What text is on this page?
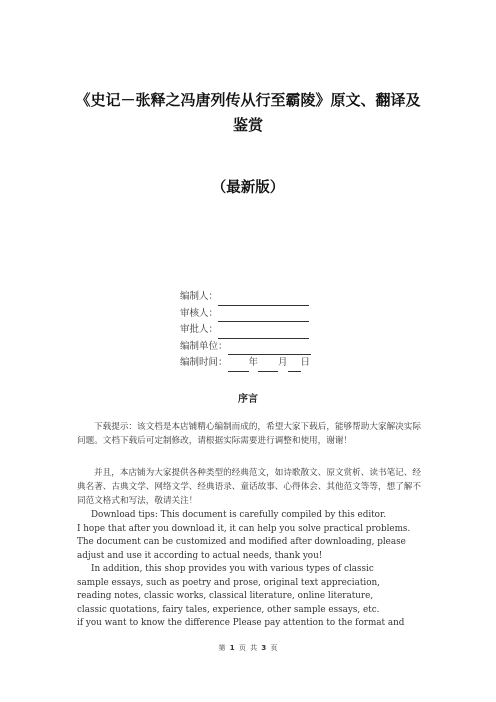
《史记－张释之冯唐列传从行至霸陵》原文、翻译及
鉴赏
（最新版）
编制人：
审核人：
审批人：
编制单位：
编制时间： 年 月 日
序言

下载提示：该文档是本店铺精心编制而成的，希望大家下载后，能够帮助大家解决实际问题。文档下载后可定制修改，请根据实际需要进行调整和使用，谢谢！

并且，本店铺为大家提供各种类型的经典范文，如诗歌散文、原文赏析、读书笔记、经典名著、古典文学、网络文学、经典语录、童话故事、心得体会、其他范文等等，想了解不同范文格式和写法，敬请关注！

Download tips: This document is carefully compiled by this editor.
I hope that after you download it, it can help you solve practical problems.
The document can be customized and modified after downloading, please
adjust and use it according to actual needs, thank you!
In addition, this shop provides you with various types of classic
sample essays, such as poetry and prose, original text appreciation,
reading notes, classic works, classical literature, online literature,
classic quotations, fairy tales, experience, other sample essays, etc.
if you want to know the difference Please pay attention to the format and
第 1 页 共 3 页
